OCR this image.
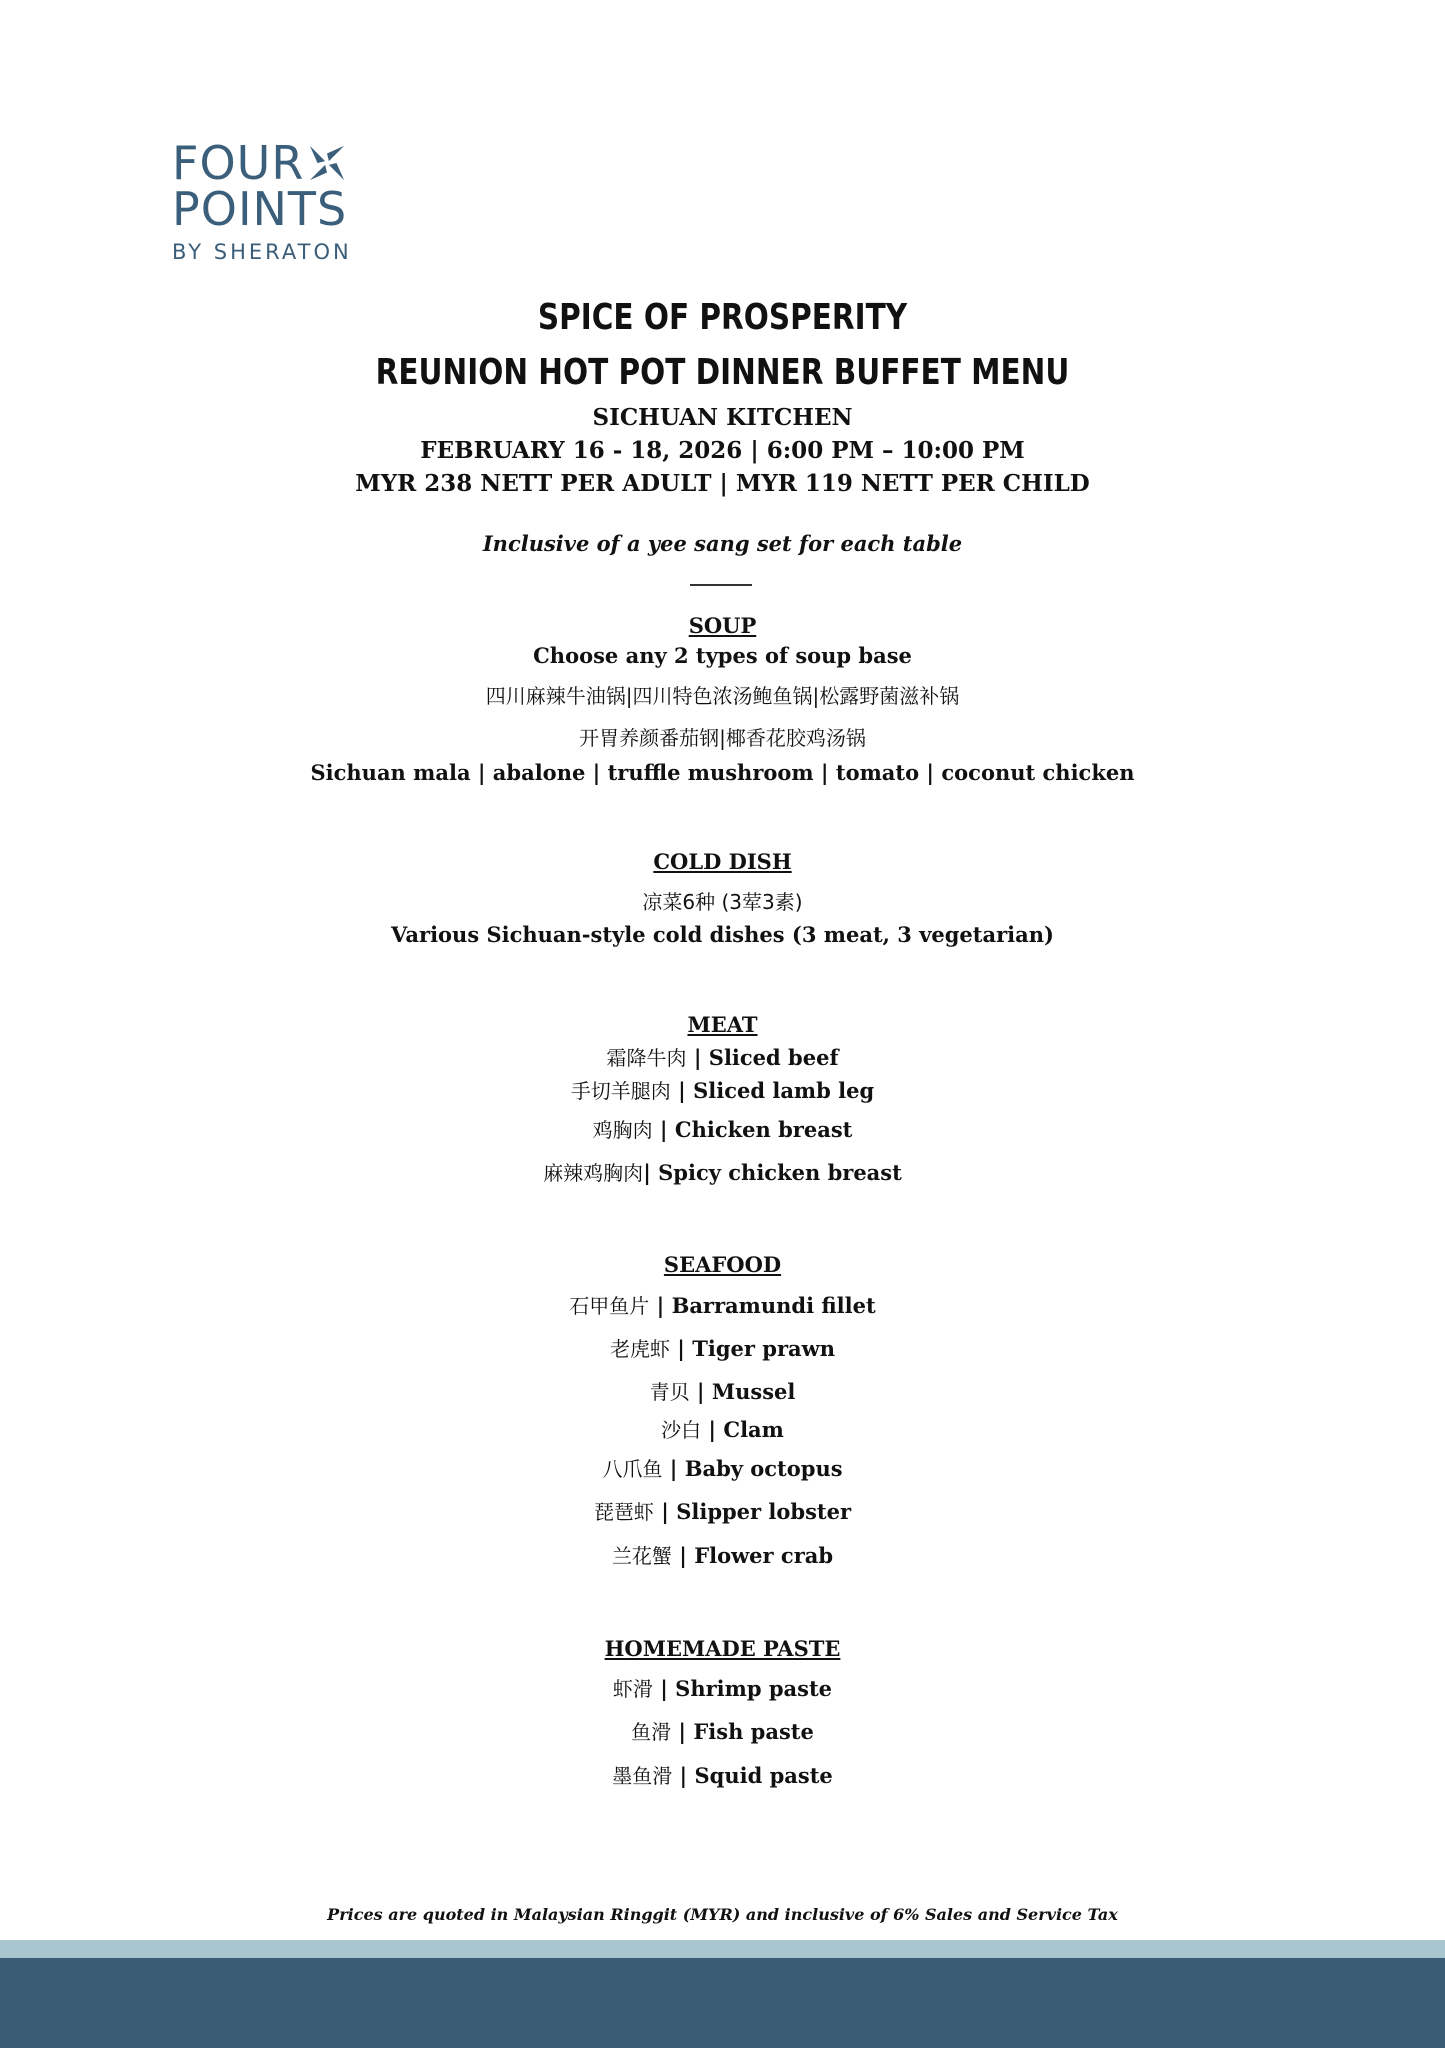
FOUR
POINTS
BY SHERATON
SPICE OF PROSPERITY
REUNION HOT POT DINNER BUFFET MENU
SICHUAN KITCHEN
FEBRUARY 16 - 18, 2026 | 6:00 PM – 10:00 PM
MYR 238 NETT PER ADULT | MYR 119 NETT PER CHILD
Inclusive of a yee sang set for each table
SOUP
Choose any 2 types of soup base
四川麻辣牛油锅|四川特色浓汤鲍鱼锅|松露野菌滋补锅
开胃养颜番茄钢|椰香花胶鸡汤锅
Sichuan mala | abalone | truffle mushroom | tomato | coconut chicken
COLD DISH
凉菜6种 (3荤3素)
Various Sichuan-style cold dishes (3 meat, 3 vegetarian)
MEAT
霜降牛肉 | Sliced beef
手切羊腿肉 | Sliced lamb leg
鸡胸肉 | Chicken breast
麻辣鸡胸肉| Spicy chicken breast
SEAFOOD
石甲鱼片 | Barramundi fillet
老虎虾 | Tiger prawn
青贝 | Mussel
沙白 | Clam
八爪鱼 | Baby octopus
琵琶虾 | Slipper lobster
兰花蟹 | Flower crab
HOMEMADE PASTE
虾滑 | Shrimp paste
鱼滑 | Fish paste
墨鱼滑 | Squid paste
Prices are quoted in Malaysian Ringgit (MYR) and inclusive of 6% Sales and Service Tax
